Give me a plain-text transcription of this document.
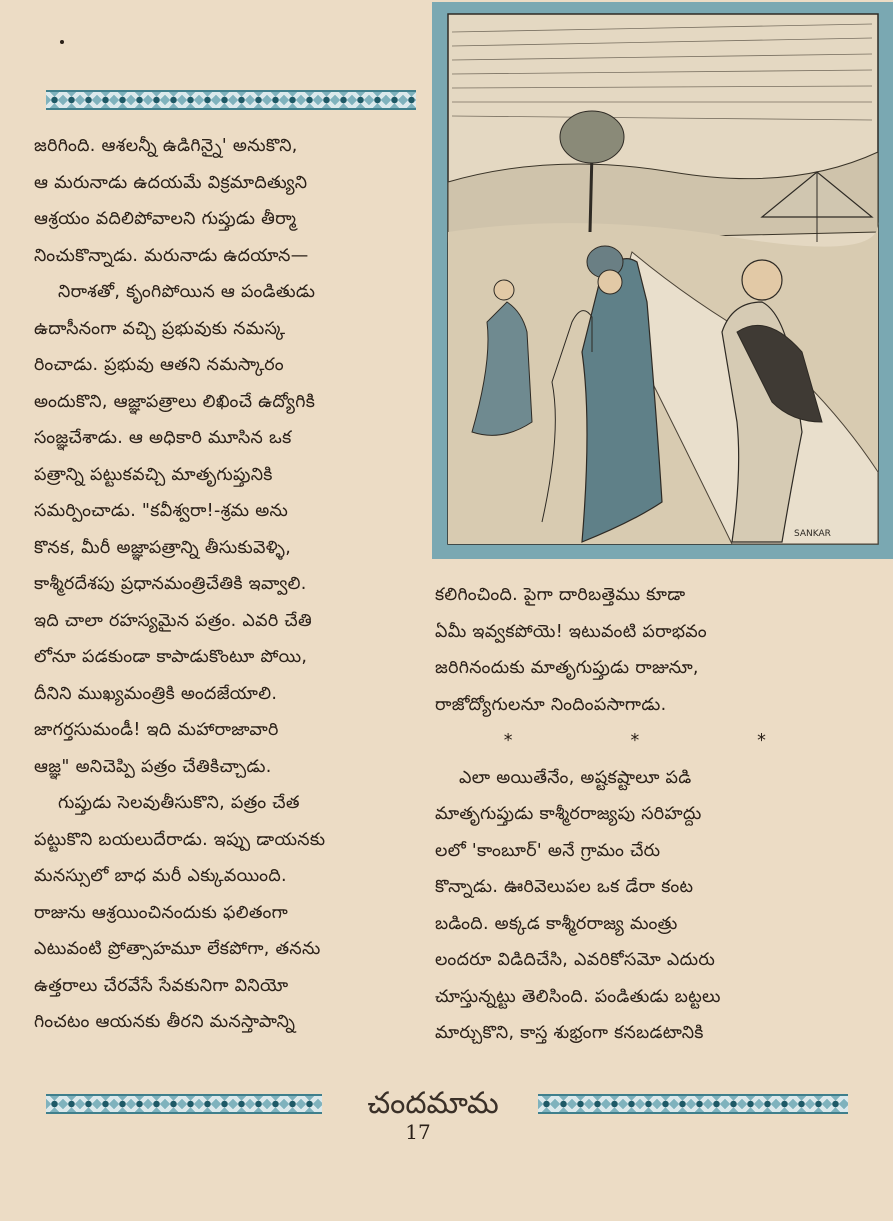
జరిగింది. ఆశలన్నీ ఉడిగిన్నై' అనుకొని,

ఆ మరునాడు ఉదయమే విక్రమాదిత్యుని

ఆశ్రయం వదిలిపోవాలని గుప్తుడు తీర్మా

నించుకొన్నాడు. మరునాడు ఉదయాన—

నిరాశతో, కృంగిపోయిన ఆ పండితుడు

ఉదాసీనంగా వచ్చి ప్రభువుకు నమస్క

రించాడు. ప్రభువు ఆతని నమస్కారం

అందుకొని, ఆజ్ఞాపత్రాలు లిఖించే ఉద్యోగికి

సంజ్ఞచేశాడు. ఆ అధికారి మూసిన ఒక

పత్రాన్ని పట్టుకవచ్చి మాతృగుప్తునికి

సమర్పించాడు. "కవీశ్వరా!-శ్రమ అను

కొనక, మీరీ అజ్ఞాపత్రాన్ని తీసుకువెళ్ళి,

కాశ్మీరదేశపు ప్రధానమంత్రిచేతికి ఇవ్వాలి.

ఇది చాలా రహస్యమైన పత్రం. ఎవరి చేతి

లోనూ పడకుండా కాపాడుకొంటూ పోయి,

దీనిని ముఖ్యమంత్రికి అందజేయాలి.

జాగర్తసుమండీ! ఇది మహారాజావారి

ఆజ్ఞ" అనిచెప్పి పత్రం చేతికిచ్చాడు.

గుప్తుడు సెలవుతీసుకొని, పత్రం చేత

పట్టుకొని బయలుదేరాడు. ఇప్పు డాయనకు

మనస్సులో బాధ మరీ ఎక్కువయింది.

రాజును ఆశ్రయించినందుకు ఫలితంగా

ఎటువంటి ప్రోత్సాహమూ లేకపోగా, తనను

ఉత్తరాలు చేరవేసే సేవకునిగా వినియో

గించటం ఆయనకు తీరని మనస్తాపాన్ని

SANKAR

కలిగించింది. పైగా దారిబత్తెము కూడా

ఏమీ ఇవ్వకపోయె! ఇటువంటి పరాభవం

జరిగినందుకు మాతృగుప్తుడు రాజునూ,

రాజోద్యోగులనూ నిందింపసాగాడు.

*	*	*

ఎలా అయితేనేం, అష్టకష్టాలూ పడి

మాతృగుప్తుడు కాశ్మీరరాజ్యపు సరిహద్దు

లలో 'కాంబూర్' అనే గ్రామం చేరు

కొన్నాడు. ఊరివెలుపల ఒక డేరా కంట

బడింది. అక్కడ కాశ్మీరరాజ్య మంత్రు

లందరూ విడిదిచేసి, ఎవరికోసమో ఎదురు

చూస్తున్నట్టు తెలిసింది. పండితుడు బట్టలు

మార్చుకొని, కాస్త శుభ్రంగా కనబడటానికి

చందమామ
17
